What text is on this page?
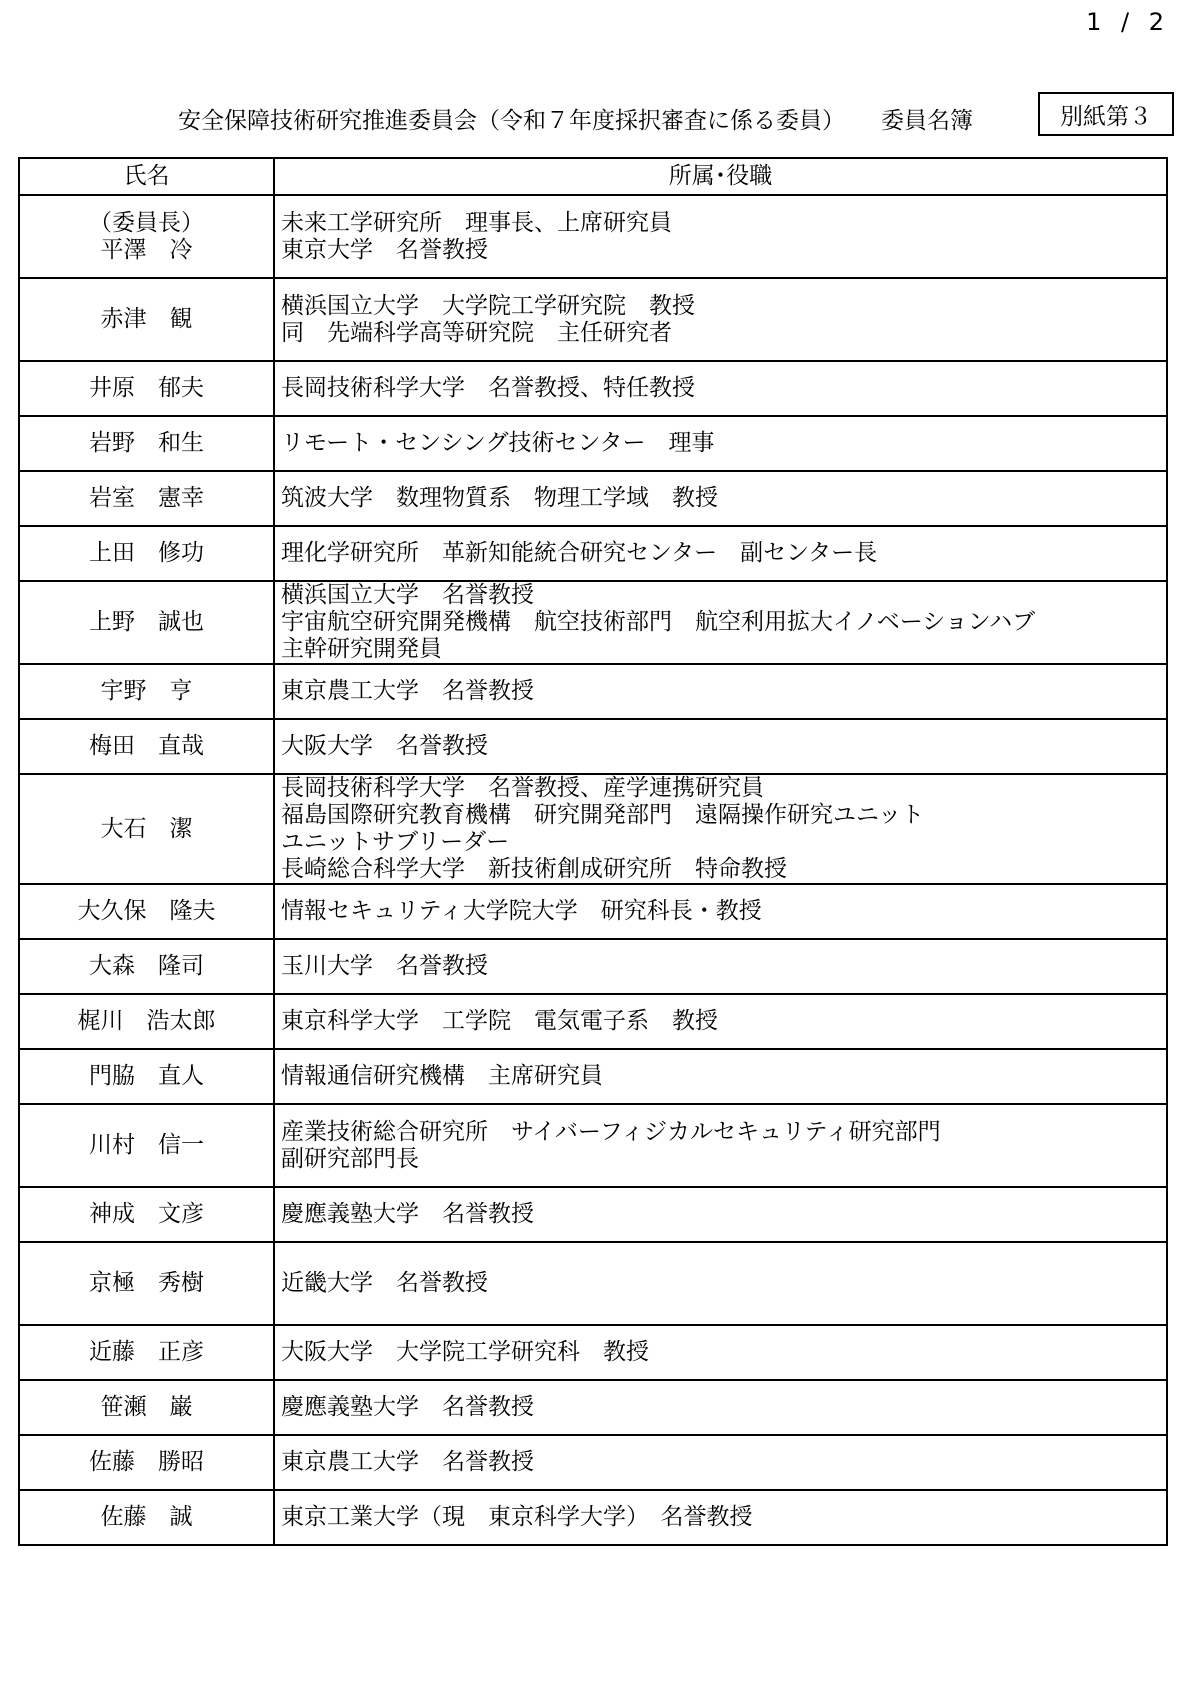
1 / 2
安全保障技術研究推進委員会（令和７年度採択審査に係る委員） 委員名簿	別紙第３
氏名	所属･役職

（委員長）
平澤　冷	未来工学研究所　理事長、上席研究員
東京大学　名誉教授

赤津　観	横浜国立大学　大学院工学研究院　教授
同　先端科学高等研究院　主任研究者

井原　郁夫	長岡技術科学大学　名誉教授、特任教授

岩野　和生	リモート・センシング技術センター　理事

岩室　憲幸	筑波大学　数理物質系　物理工学域　教授

上田　修功	理化学研究所　革新知能統合研究センター　副センター長

上野　誠也	横浜国立大学　名誉教授
宇宙航空研究開発機構　航空技術部門　航空利用拡大イノベーションハブ
主幹研究開発員

宇野　亨	東京農工大学　名誉教授

梅田　直哉	大阪大学　名誉教授

大石　潔	長岡技術科学大学　名誉教授、産学連携研究員
福島国際研究教育機構　研究開発部門　遠隔操作研究ユニット
ユニットサブリーダー
長崎総合科学大学　新技術創成研究所　特命教授

大久保　隆夫	情報セキュリティ大学院大学　研究科長・教授

大森　隆司	玉川大学　名誉教授

梶川　浩太郎	東京科学大学　工学院　電気電子系　教授

門脇　直人	情報通信研究機構　主席研究員

川村　信一	産業技術総合研究所　サイバーフィジカルセキュリティ研究部門
副研究部門長

神成　文彦	慶應義塾大学　名誉教授

京極　秀樹	近畿大学　名誉教授

近藤　正彦	大阪大学　大学院工学研究科　教授

笹瀬　巌	慶應義塾大学　名誉教授

佐藤　勝昭	東京農工大学　名誉教授

佐藤　誠	東京工業大学（現　東京科学大学）　名誉教授
